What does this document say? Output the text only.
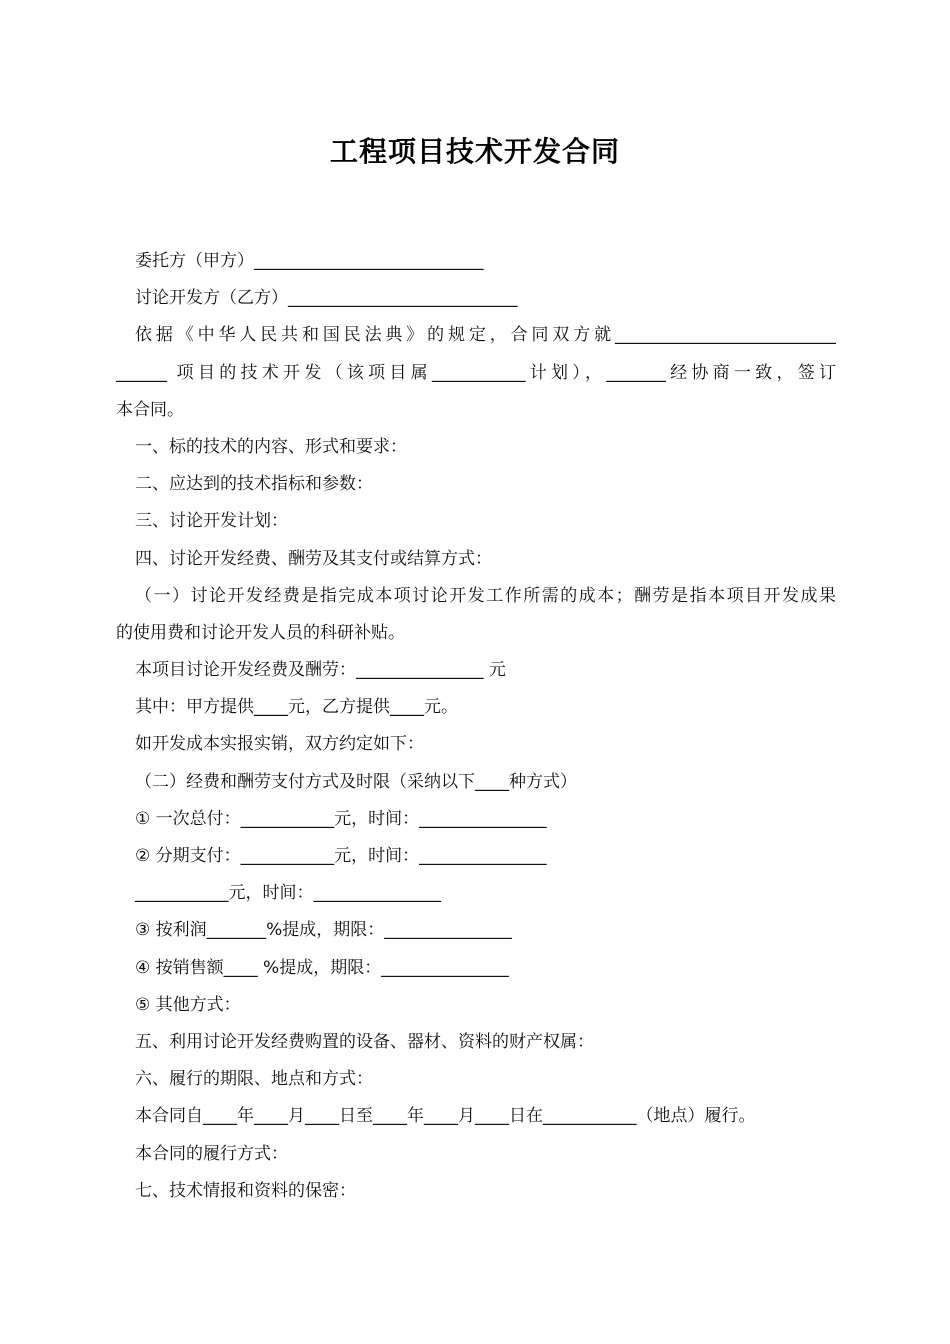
工程项目技术开发合同
委托方（甲方）___________________________
讨论开发方（乙方）___________________________
依据《中华人民共和国民法典》的规定，合同双方就__________________________
______ 项目的技术开发（该项目属___________计划），_______经协商一致，签订
本合同。
一、标的技术的内容、形式和要求：
二、应达到的技术指标和参数：
三、讨论开发计划：
四、讨论开发经费、酬劳及其支付或结算方式：
（一）讨论开发经费是指完成本项讨论开发工作所需的成本；酬劳是指本项目开发成果
的使用费和讨论开发人员的科研补贴。
本项目讨论开发经费及酬劳：_______________ 元
其中：甲方提供____元，乙方提供____元。
如开发成本实报实销，双方约定如下：
（二）经费和酬劳支付方式及时限（采纳以下____种方式）
① 一次总付：___________元，时间：_______________
② 分期支付：___________元，时间：_______________
___________元，时间：_______________
③ 按利润_______%提成，期限：_______________
④ 按销售额____ %提成，期限：_______________
⑤ 其他方式：
五、利用讨论开发经费购置的设备、器材、资料的财产权属：
六、履行的期限、地点和方式：
本合同自____年____月____日至____年____月____日在___________（地点）履行。
本合同的履行方式：
七、技术情报和资料的保密：
